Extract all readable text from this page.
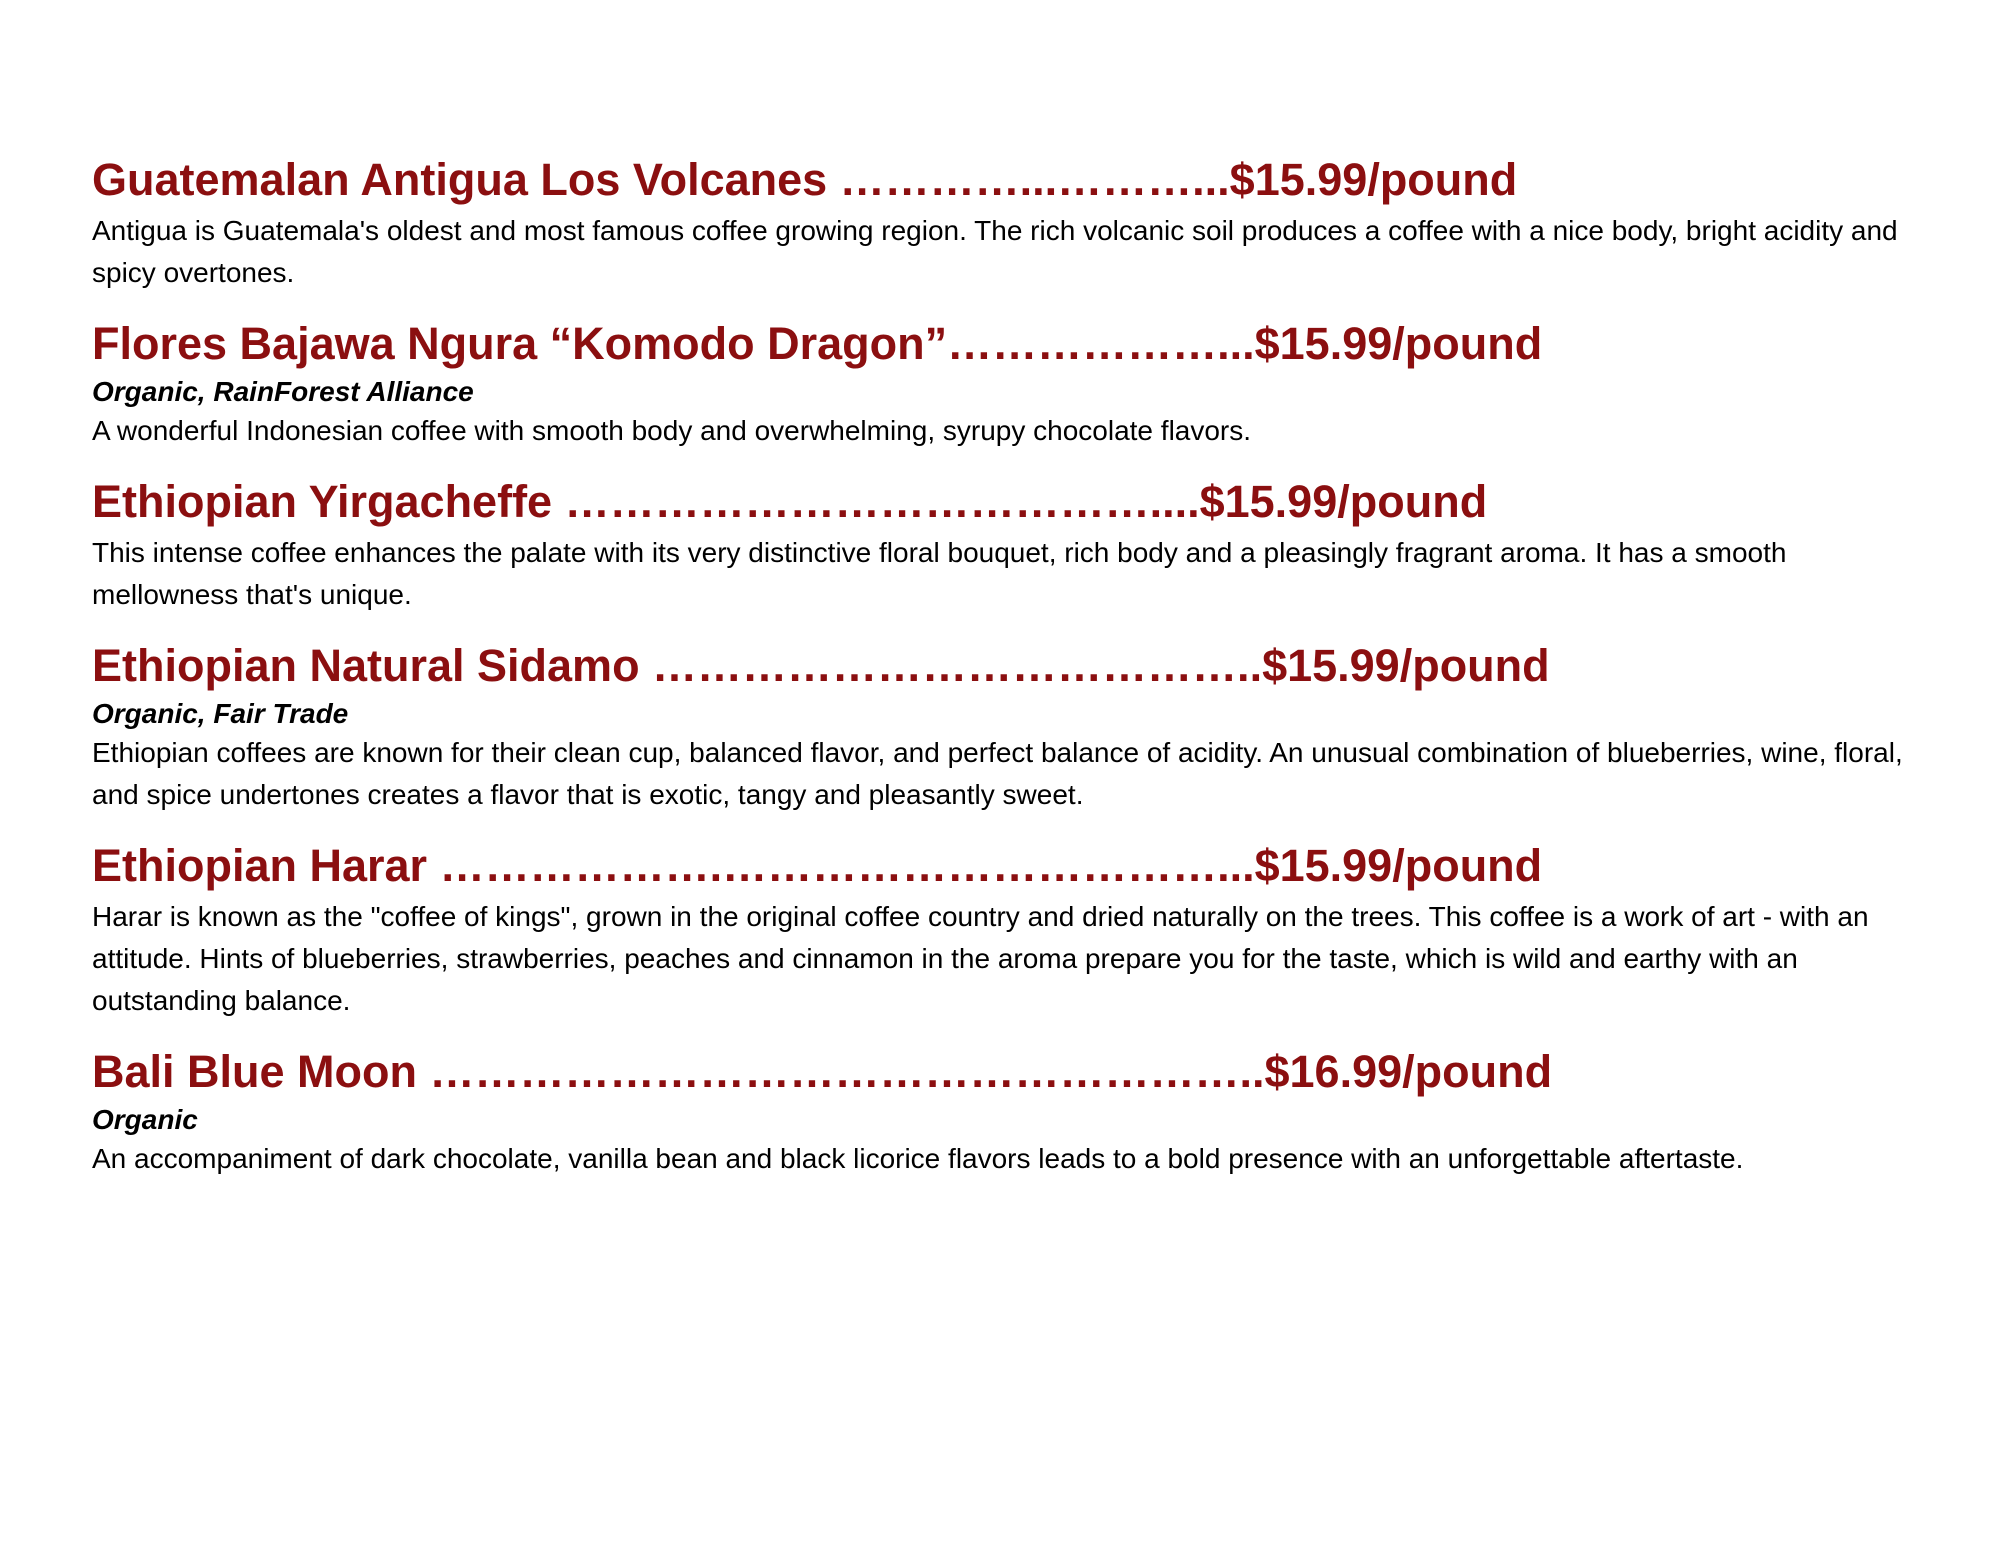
Guatemalan Antigua Los Volcanes …………...………...$15.99/pound
Antigua is Guatemala's oldest and most famous coffee growing region. The rich volcanic soil produces a coffee with a nice body, bright acidity and spicy overtones.
Flores Bajawa Ngura “Komodo Dragon”………………...$15.99/pound
Organic, RainForest Alliance
A wonderful Indonesian coffee with smooth body and overwhelming, syrupy chocolate flavors.
Ethiopian Yirgacheffe …………………………………....$15.99/pound
This intense coffee enhances the palate with its very distinctive floral bouquet, rich body and a pleasingly fragrant aroma. It has a smooth mellowness that's unique.
Ethiopian Natural Sidamo …………………………………..$15.99/pound
Organic, Fair Trade
Ethiopian coffees are known for their clean cup, balanced flavor, and perfect balance of acidity. An unusual combination of blueberries, wine, floral, and spice undertones creates a flavor that is exotic, tangy and pleasantly sweet.
Ethiopian Harar ……………….……………………………...$15.99/pound
Harar is known as the "coffee of kings", grown in the original coffee country and dried naturally on the trees. This coffee is a work of art - with an attitude. Hints of blueberries, strawberries, peaches and cinnamon in the aroma prepare you for the taste, which is wild and earthy with an outstanding balance.
Bali Blue Moon ………………………………………………..$16.99/pound
Organic
An accompaniment of dark chocolate, vanilla bean and black licorice flavors leads to a bold presence with an unforgettable aftertaste.
